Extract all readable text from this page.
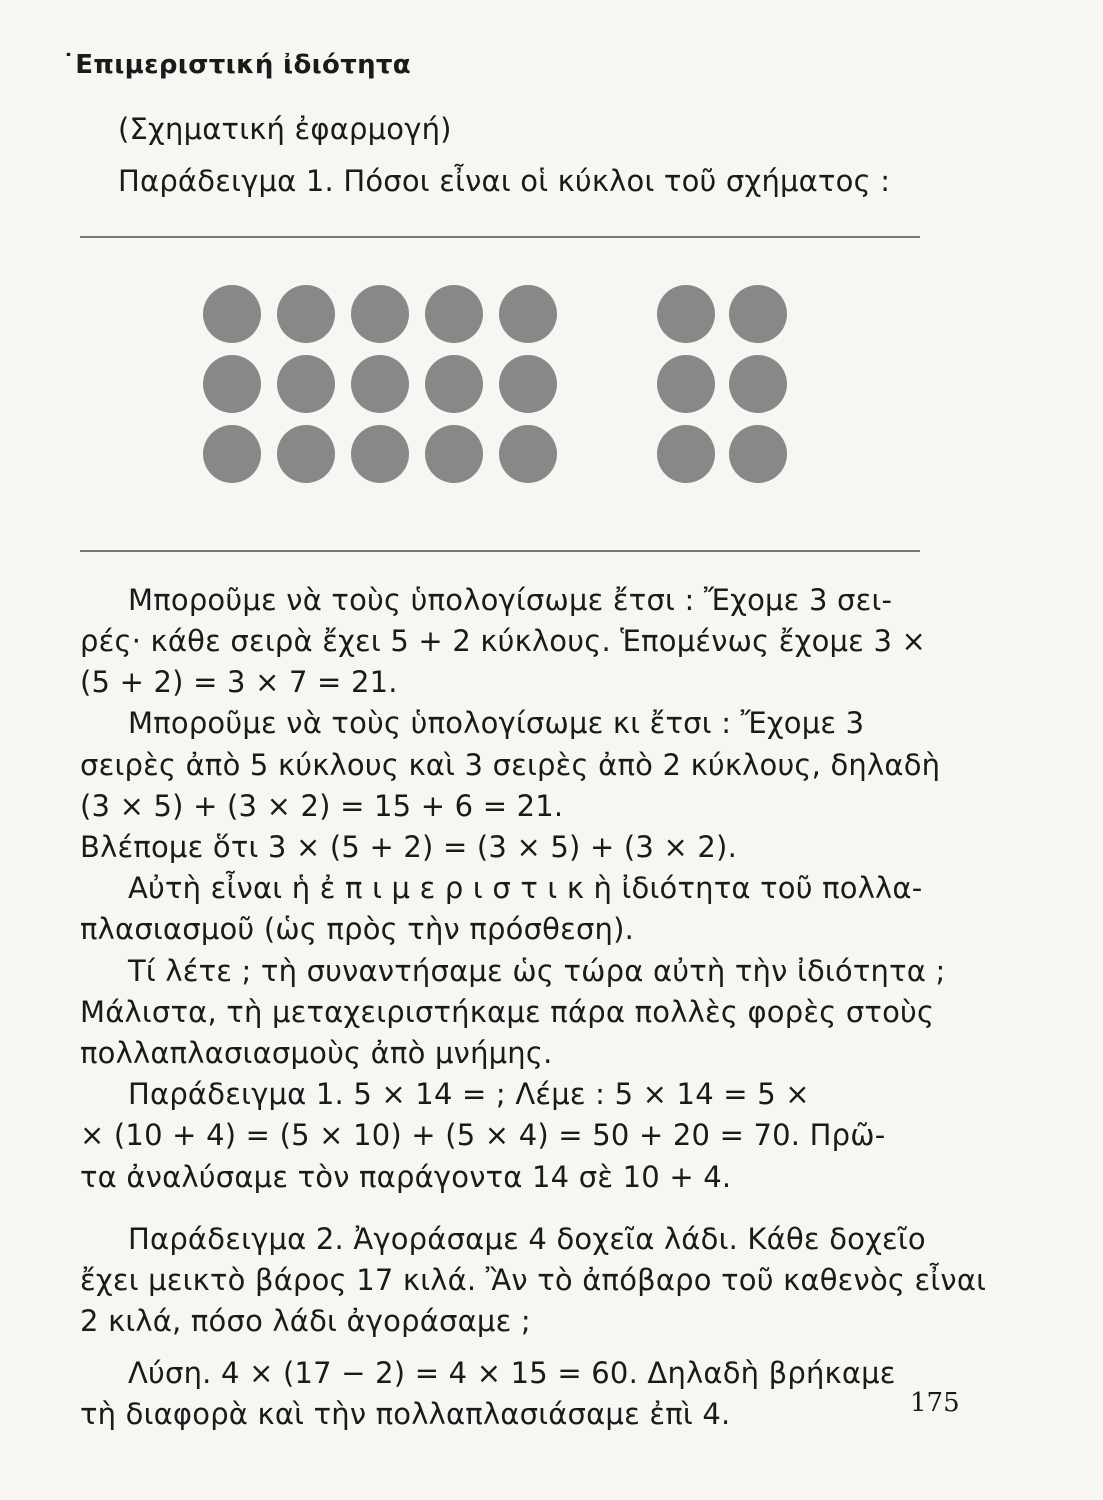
˙Επιμεριστική ἰδιότητα
(Σχηματική ἐφαρμογή)
Παράδειγμα 1. Πόσοι εἶναι οἱ κύκλοι τοῦ σχήματος :
Μποροῦμε νὰ τοὺς ὑπολογίσωμε ἔτσι : Ἔχομε 3 σει-
ρές· κάθε σειρὰ ἔχει 5 + 2 κύκλους. Ἑπομένως ἔχομε 3 ×
(5 + 2) = 3 × 7 = 21.
Μποροῦμε νὰ τοὺς ὑπολογίσωμε κι ἔτσι : Ἔχομε 3
σειρὲς ἀπὸ 5 κύκλους καὶ 3 σειρὲς ἀπὸ 2 κύκλους, δηλαδὴ
(3 × 5) + (3 × 2) = 15 + 6 = 21.
Βλέπομε ὅτι 3 × (5 + 2) = (3 × 5) + (3 × 2).
Αὐτὴ εἶναι ἡ ἐ π ι μ ε ρ ι σ τ ι κ ὴ ἰδιότητα τοῦ πολλα-
πλασιασμοῦ (ὡς πρὸς τὴν πρόσθεση).
Τί λέτε ; τὴ συναντήσαμε ὡς τώρα αὐτὴ τὴν ἰδιότητα ;
Μάλιστα, τὴ μεταχειριστήκαμε πάρα πολλὲς φορὲς στοὺς
πολλαπλασιασμοὺς ἀπὸ μνήμης.
Παράδειγμα 1. 5 × 14 = ; Λέμε : 5 × 14 = 5 ×
× (10 + 4) = (5 × 10) + (5 × 4) = 50 + 20 = 70. Πρῶ-
τα ἀναλύσαμε τὸν παράγοντα 14 σὲ 10 + 4.
Παράδειγμα 2. Ἀγοράσαμε 4 δοχεῖα λάδι. Κάθε δοχεῖο
ἔχει μεικτὸ βάρος 17 κιλά. Ἂν τὸ ἀπόβαρο τοῦ καθενὸς εἶναι
2 κιλά, πόσο λάδι ἀγοράσαμε ;
Λύση. 4 × (17 − 2) = 4 × 15 = 60. Δηλαδὴ βρήκαμε
τὴ διαφορὰ καὶ τὴν πολλαπλασιάσαμε ἐπὶ 4.	175
